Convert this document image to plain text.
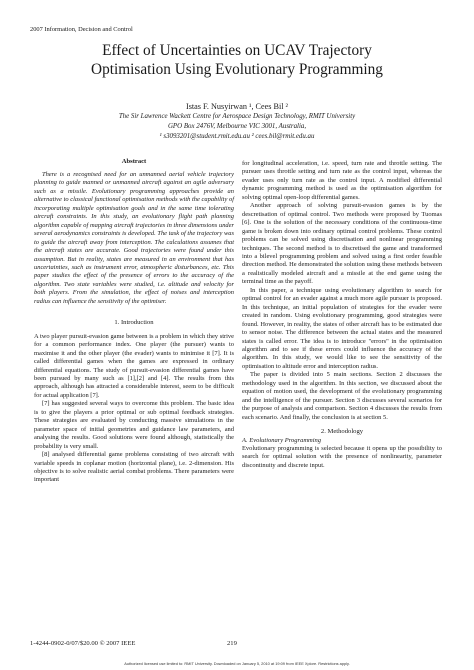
2007 Information, Decision and Control
Effect of Uncertainties on UCAV Trajectory
Optimisation Using Evolutionary Programming
Istas F. Nusyirwan ¹, Cees Bil ²
The Sir Lawrence Wackett Centre for Aerospace Design Technology, RMIT University
GPO Box 2476V, Melbourne VIC 3001, Australia,
¹ s3093201@student.rmit.edu.au ² cees.bil@rmit.edu.au
Abstract

There is a recognised need for an unmanned aerial vehicle trajectory planning to guide manned or unmanned aircraft against an agile adversary such as a missile. Evolutionary programming approaches provide an alternative to classical functional optimisation methods with the capability of incorporating multiple optimisation goals and in the same time tolerating aircraft constraints. In this study, an evolutionary flight path planning algorithm capable of mapping aircraft trajectories in three dimensions under several aerodynamics constraints is developed. The task of the trajectory was to guide the aircraft away from interception. The calculations assumes that the aircraft states are accurate. Good trajectories were found under this assumption. But in reality, states are measured in an environment that has uncertainties, such as instrument error, atmospheric disturbances, etc. This paper studies the effect of the presence of errors to the accuracy of the algorithm. Two state variables were studied, i.e. altitude and velocity for both players. From the simulation, the effect of noises and interception radius can influence the sensitivity of the optimiser.

1. Introduction

A two player pursuit-evasion game between is a problem in which they strive for a common performance index. One player (the pursuer) wants to maximise it and the other player (the evader) wants to minimise it [7]. It is called differential games when the games are expressed in ordinary differential equations. The study of pursuit-evasion differential games have been pursued by many such as [1],[2] and [4]. The results from this approach, although has attracted a considerable interest, seem to be difficult for actual application [7].

[7] has suggested several ways to overcome this problem. The basic idea is to give the players a prior optimal or sub optimal feedback strategies. These strategies are evaluated by conducting massive simulations in the parameter space of initial geometries and guidance law parameters, and analysing the results. Good solutions were found although, statistically the probability is very small.

[8] analysed differential game problems consisting of two aircraft with variable speeds in coplanar motion (horizontal plane), i.e. 2-dimension. His objective is to solve realistic aerial combat problems. There parameters were important

for longitudinal acceleration, i.e. speed, turn rate and throttle setting. The pursuer uses throttle setting and turn rate as the control input, whereas the evader uses only turn rate as the control input. A modified differential dynamic programming method is used as the optimisation algorithm for solving optimal open-loop differential games.

Another approach of solving pursuit-evasion games is by the descretisation of optimal control. Two methods were proposed by Tuomas [6]. One is the solution of the necessary conditions of the continuous-time game is broken down into ordinary optimal control problems. These control problems can be solved using discretisation and nonlinear programming techniques. The second method is to discretised the game and transformed into a bilevel programming problem and solved using a first order feasible direction method. He demonstrated the solution using these methods between a realistically modeled aircraft and a missile at the end game using the terminal time as the payoff.

In this paper, a technique using evolutionary algorithm to search for optimal control for an evader against a much more agile pursuer is proposed. In this technique, an initial population of strategies for the evader were created in random. Using evolutionary programming, good strategies were found. However, in reality, the states of other aircraft has to be estimated due to sensor noise. The difference between the actual states and the measured states is called error. The idea is to introduce "errors" in the optimisation algorithm and to see if these errors could influence the accuracy of the algorithm. In this study, we would like to see the sensitivity of the optimisation to altitude error and interception radius.

The paper is divided into 5 main sections. Section 2 discusses the methodology used in the algorithm. In this section, we discussed about the equation of motion used, the development of the evolutionary programming and the intelligence of the pursuer. Section 3 discusses several scenarios for the purpose of analysis and comparison. Section 4 discusses the results from each scenario. And finally, the conclusion is at section 5.

2. Methodology

A. Evolutionary Programming

Evolutionary programming is selected because it opens up the possibility to search for optimal solution with the presence of nonlinearity, parameter discontinuity and discrete input.

1-4244-0902-0/07/$20.00 © 2007 IEEE	219
Authorized licensed use limited to: RMIT University. Downloaded on January 5, 2010 at 19:09 from IEEE Xplore. Restrictions apply.
